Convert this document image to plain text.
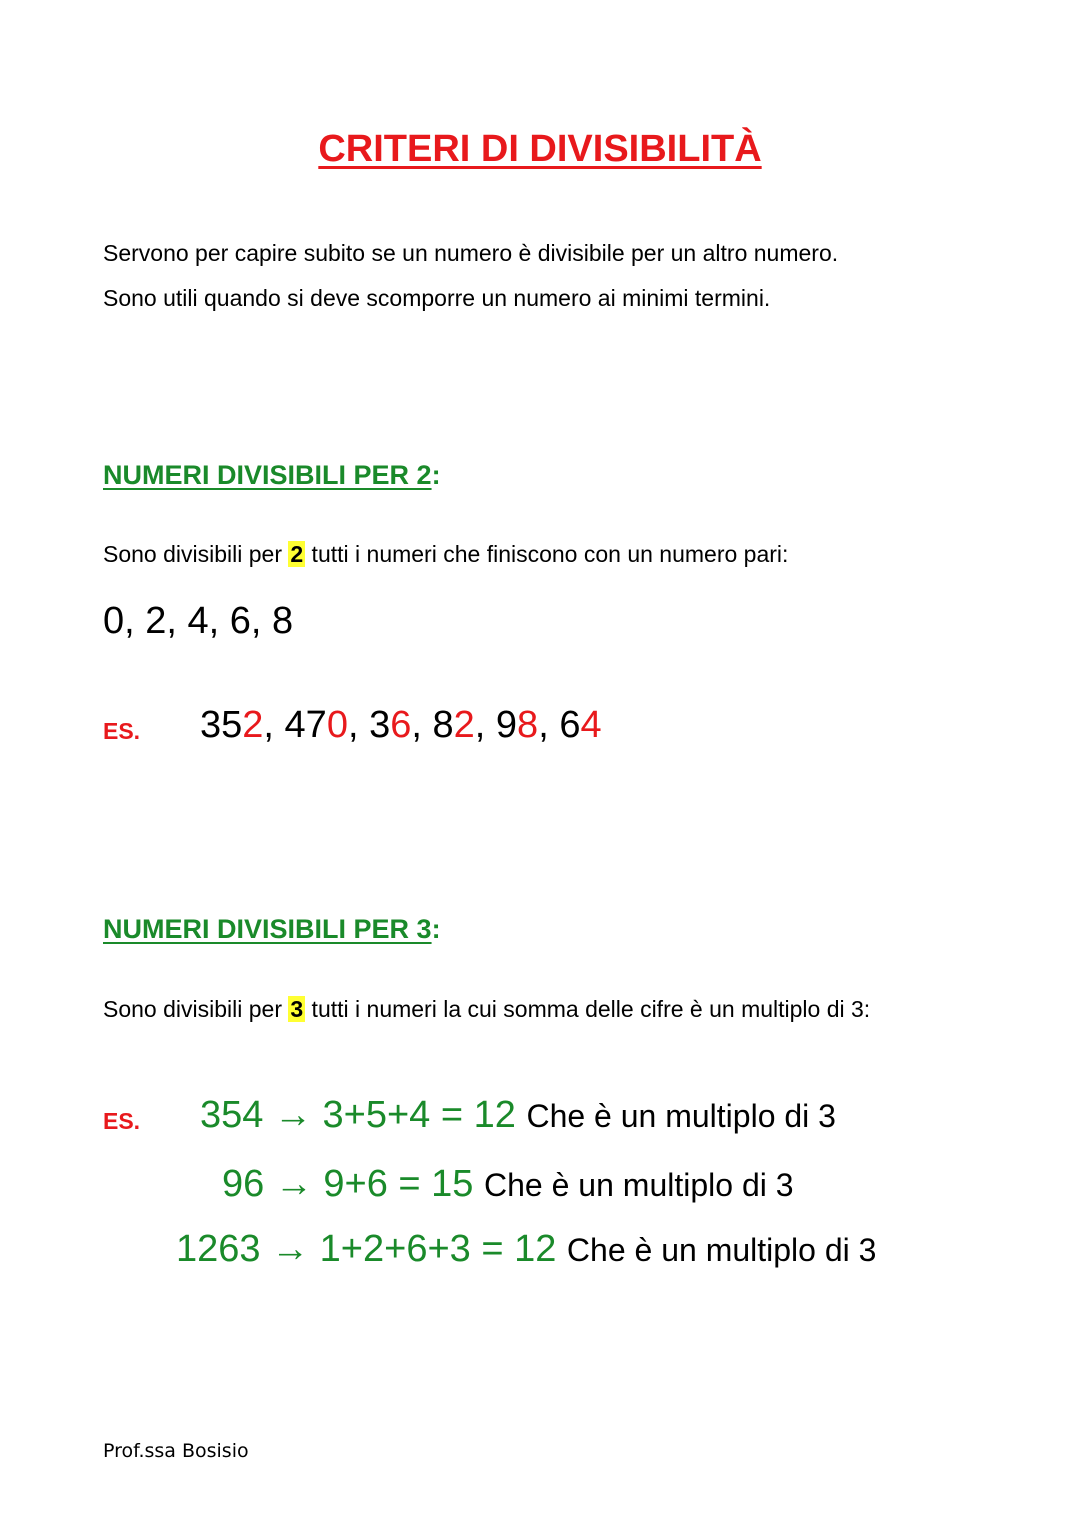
CRITERI DI DIVISIBILITÀ
Servono per capire subito se un numero è divisibile per un altro numero.
Sono utili quando si deve scomporre un numero ai minimi termini.
NUMERI DIVISIBILI PER 2:
Sono divisibili per 2 tutti i numeri che finiscono con un numero pari:
0, 2, 4, 6, 8
ES. 352, 470, 36, 82, 98, 64
NUMERI DIVISIBILI PER 3:
Sono divisibili per 3 tutti i numeri la cui somma delle cifre è un multiplo di 3:
ES. 354 → 3+5+4 = 12 Che è un multiplo di 3
96 → 9+6 = 15 Che è un multiplo di 3
1263 → 1+2+6+3 = 12 Che è un multiplo di 3
Prof.ssa Bosisio
